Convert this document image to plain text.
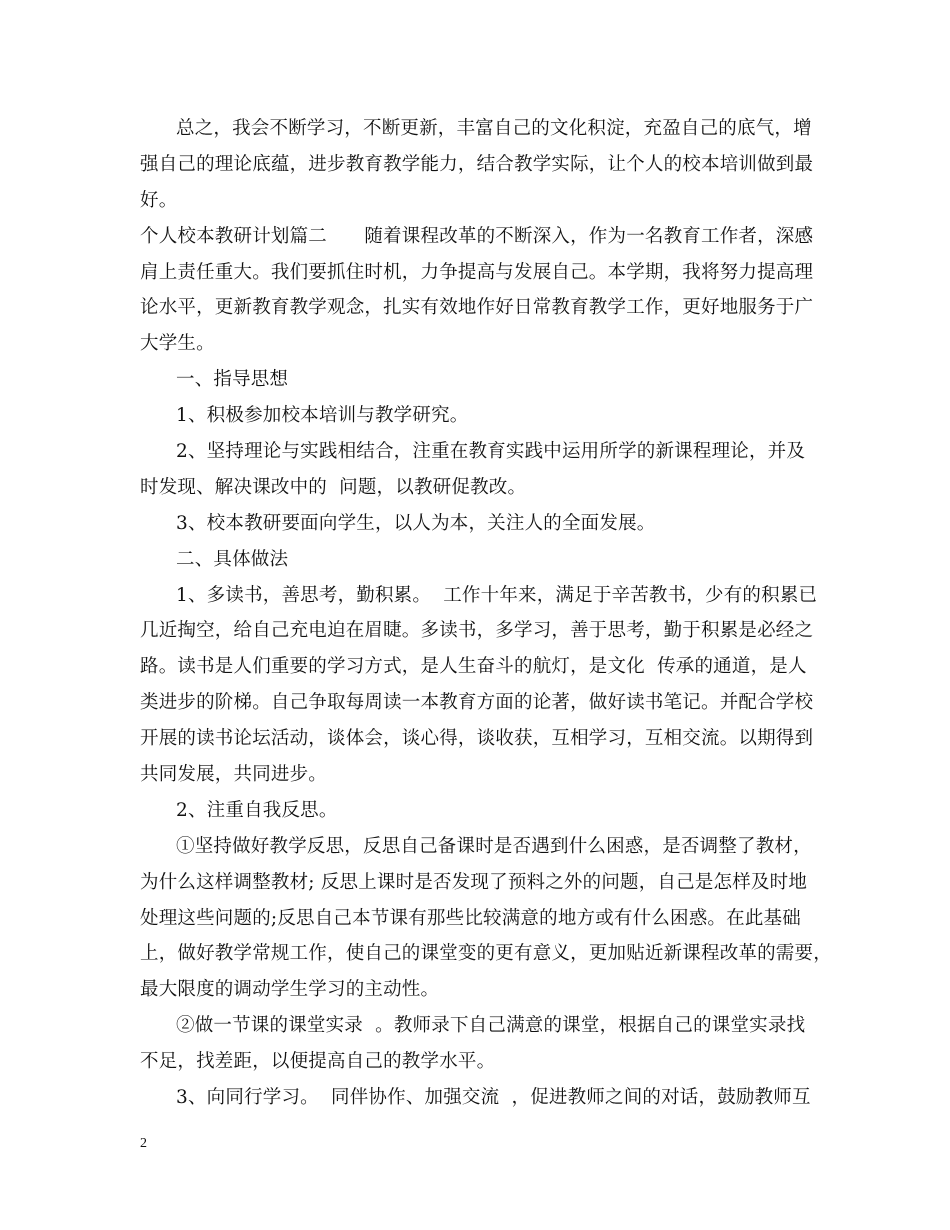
总之，我会不断学习，不断更新，丰富自己的文化积淀，充盈自己的底气，增
强自己的理论底蕴，进步教育教学能力，结合教学实际，让个人的校本培训做到最
好。
个人校本教研计划篇二　　随着课程改革的不断深入，作为一名教育工作者，深感
肩上责任重大。我们要抓住时机，力争提高与发展自己。本学期，我将努力提高理
论水平，更新教育教学观念，扎实有效地作好日常教育教学工作，更好地服务于广
大学生。
一、指导思想
1、积极参加校本培训与教学研究。
2、坚持理论与实践相结合，注重在教育实践中运用所学的新课程理论，并及
时发现、解决课改中的  问题，以教研促教改。
3、校本教研要面向学生，以人为本，关注人的全面发展。
二、具体做法
1、多读书，善思考，勤积累。  工作十年来，满足于辛苦教书，少有的积累已
几近掏空，给自己充电迫在眉睫。多读书，多学习，善于思考，勤于积累是必经之
路。读书是人们重要的学习方式，是人生奋斗的航灯，是文化  传承的通道，是人
类进步的阶梯。自己争取每周读一本教育方面的论著，做好读书笔记。并配合学校
开展的读书论坛活动，谈体会，谈心得，谈收获，互相学习，互相交流。以期得到
共同发展，共同进步。
2、注重自我反思。
①坚持做好教学反思，反思自己备课时是否遇到什么困惑，是否调整了教材，
为什么这样调整教材; 反思上课时是否发现了预料之外的问题，自己是怎样及时地
处理这些问题的;反思自己本节课有那些比较满意的地方或有什么困惑。在此基础
上，做好教学常规工作，使自己的课堂变的更有意义，更加贴近新课程改革的需要，
最大限度的调动学生学习的主动性。
②做一节课的课堂实录  。教师录下自己满意的课堂，根据自己的课堂实录找
不足，找差距，以便提高自己的教学水平。
3、向同行学习。  同伴协作、加强交流  ，促进教师之间的对话，鼓励教师互
2
